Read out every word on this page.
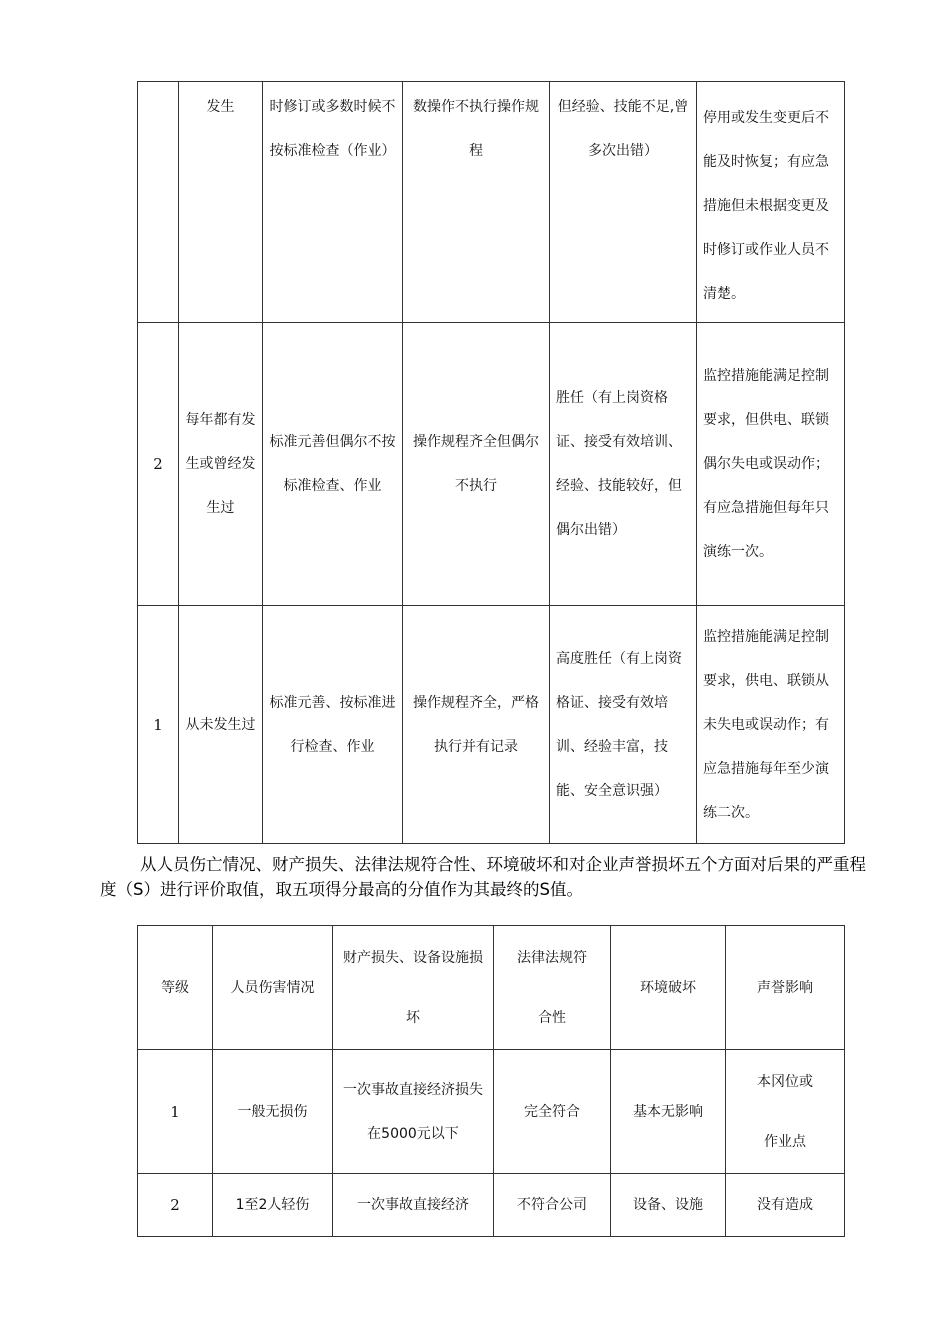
	发生	时修订或多数时候不按标准检查（作业）	数操作不执行操作规程	但经验、技能不足,曾多次出错）	停用或发生变更后不能及时恢复；有应急措施但未根据变更及时修订或作业人员不清楚。
2	每年都有发生或曾经发生过	标准元善但偶尔不按标准检查、作业	操作规程齐全但偶尔不执行	胜任（有上岗资格证、接受有效培训、经验、技能较好，但偶尔出错）	监控措施能满足控制要求，但供电、联锁偶尔失电或误动作；有应急措施但每年只演练一次。
1	从未发生过	标准元善、按标准进行检查、作业	操作规程齐全，严格执行并有记录	高度胜任（有上岗资格证、接受有效培训、经验丰富，技能、安全意识强）	监控措施能满足控制要求，供电、联锁从未失电或误动作；有应急措施每年至少演练二次。

从人员伤亡情况、财产损失、法律法规符合性、环境破坏和对企业声誉损坏五个方面对后果的严重程度（S）进行评价取值，取五项得分最高的分值作为其最终的S值。

等级	人员伤害情况	财产损失、设备设施损坏	法律法规符合性	环境破坏	声誉影响
1	一般无损伤	一次事故直接经济损失在5000元以下	完全符合	基本无影响	本冈位或作业点
2	1至2人轻伤	一次事故直接经济	不符合公司	设备、设施	没有造成
